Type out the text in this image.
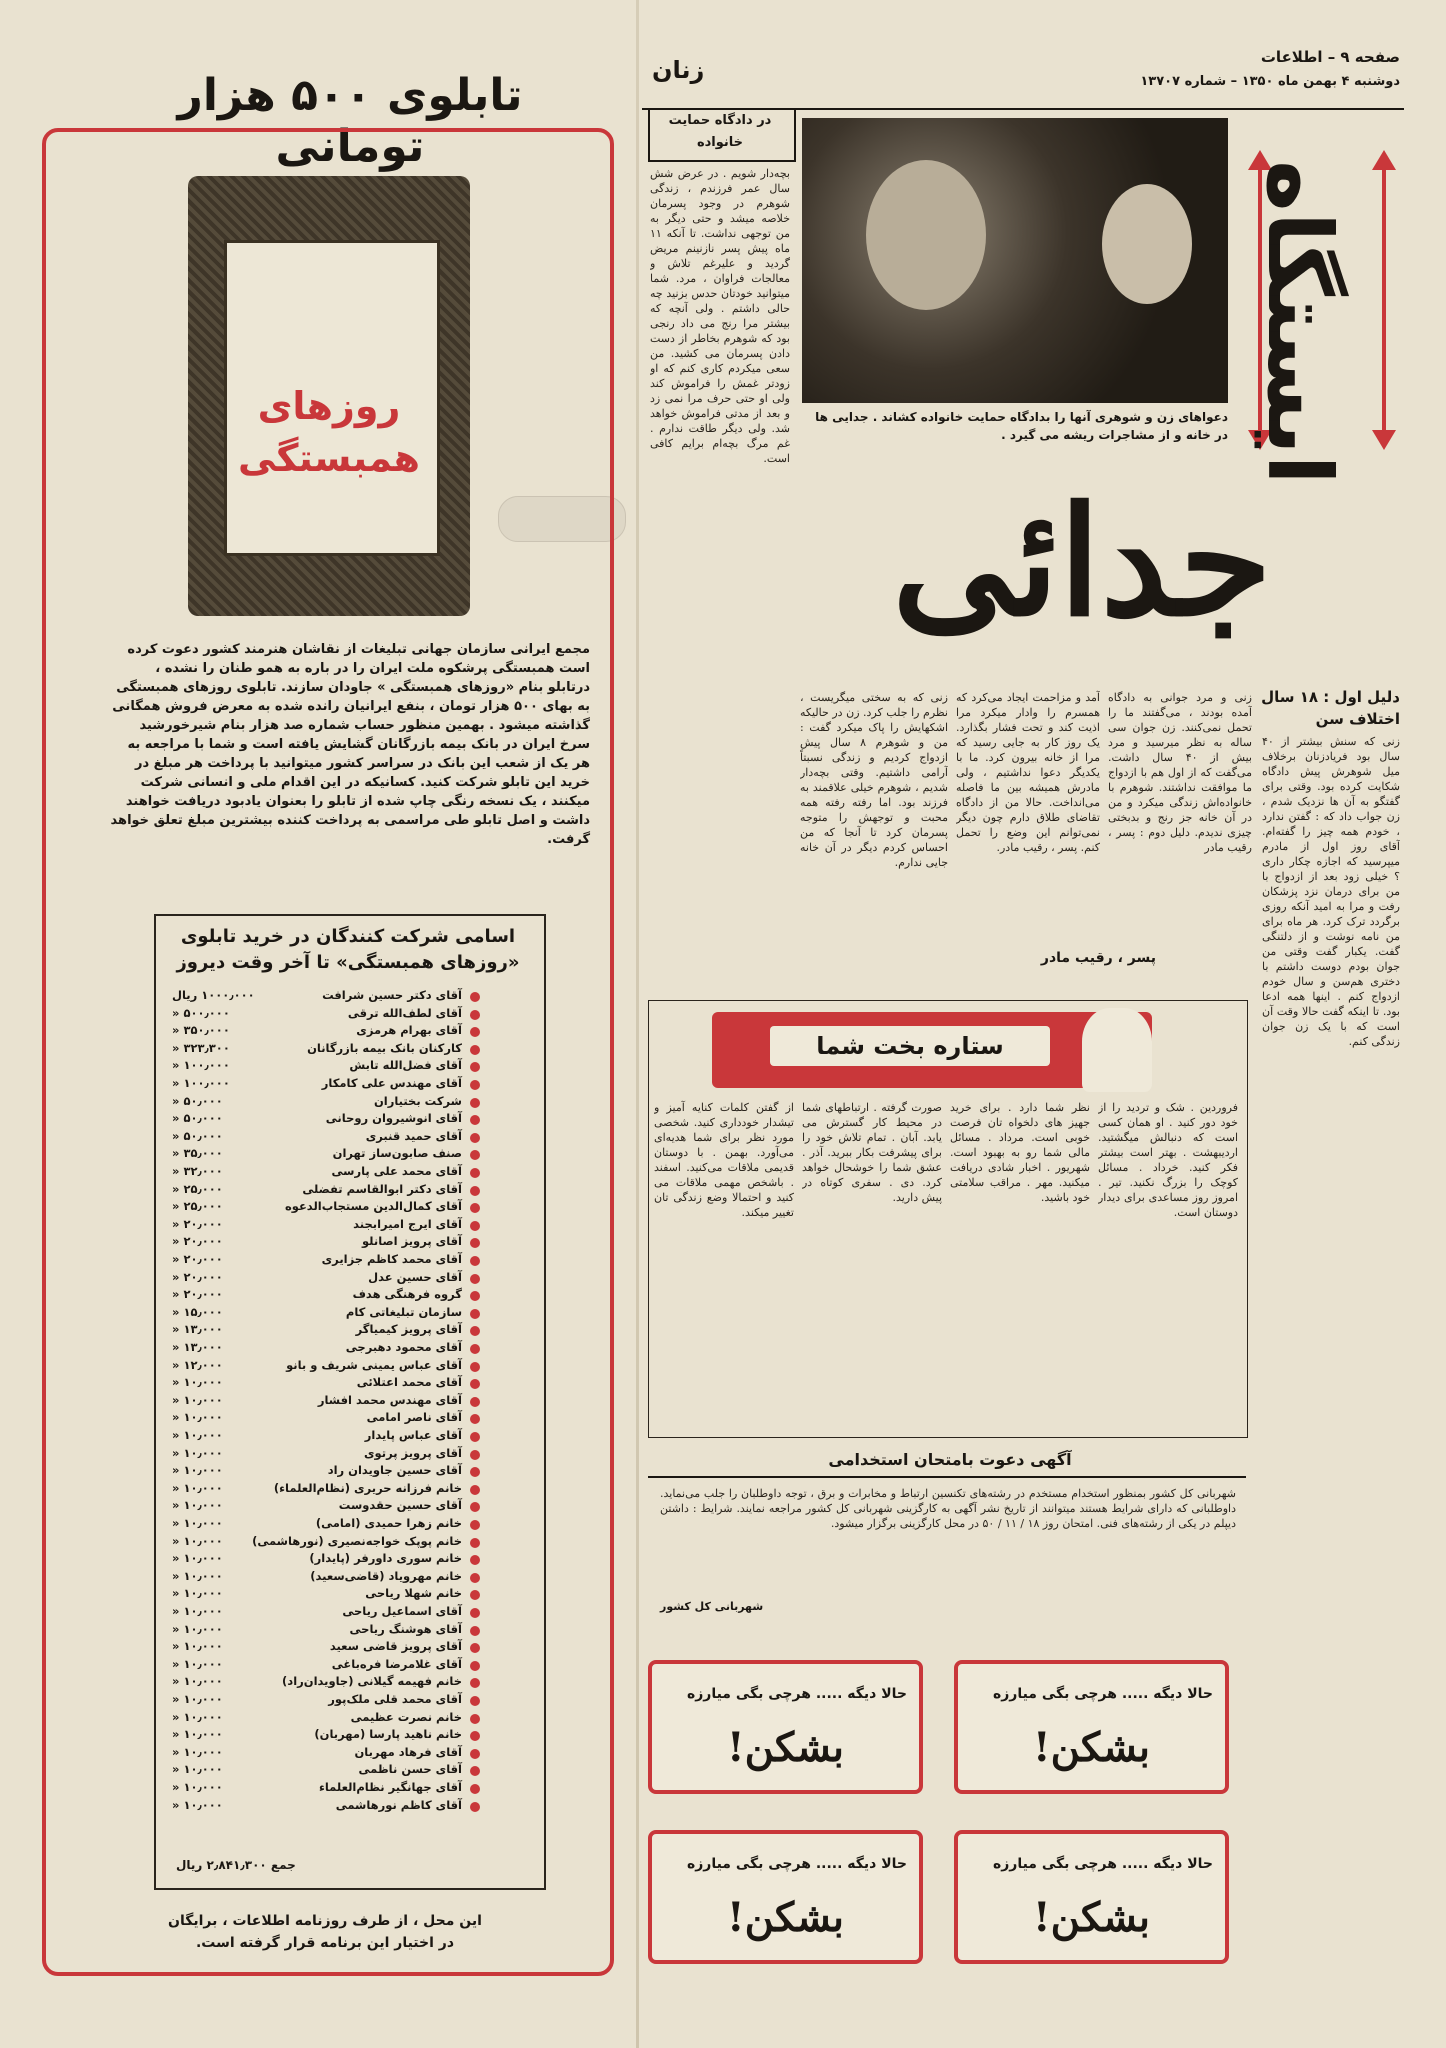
صفحه ۹ – اطلاعات
دوشنبه ۴ بهمن ماه ۱۳۵۰ – شماره ۱۳۷۰۷
زنان
تابلوی ۵۰۰ هزار تومانی
روزهای همبستگی
مجمع ایرانی سازمان جهانی تبلیغات از نقاشان هنرمند کشور دعوت کرده است همبستگی پرشکوه ملت ایران را در باره به همو طنان را نشده ، درتابلو بنام «روزهای همبستگی » جاودان سازند. تابلوی روزهای همبستگی به بهای ۵۰۰ هزار تومان ، بنفع ایرانیان رانده شده به معرض فروش همگانی گذاشته میشود . بهمین منظور حساب شماره صد هزار بنام شیرخورشید سرخ ایران در بانک بیمه بازرگانان گشایش یافته است و شما با مراجعه به هر یک از شعب این بانک در سراسر کشور میتوانید با پرداخت هر مبلغ در خرید این تابلو شرکت کنید. کسانیکه در این اقدام ملی و انسانی شرکت میکنند ، یک نسخه رنگی چاپ شده از تابلو را بعنوان یادبود دریافت خواهند داشت و اصل تابلو طی مراسمی به پرداخت کننده بیشترین مبلغ تعلق خواهد گرفت.
اسامی شرکت کنندگان در خرید تابلوی «روزهای همبستگی» تا آخر وقت دیروز
آقای دکتر حسین شرافت
۱۰۰۰٫۰۰۰ ریال
آقای لطف‌الله ترقی
۵۰۰٫۰۰۰ «
آقای بهرام هرمزی
۳۵۰٫۰۰۰ «
کارکنان بانک بیمه بازرگانان
۳۲۳٫۳۰۰ «
آقای فضل‌الله تابش
۱۰۰٫۰۰۰ «
آقای مهندس علی کامکار
۱۰۰٫۰۰۰ «
شرکت بختیاران
۵۰٫۰۰۰ «
آقای انوشیروان روحانی
۵۰٫۰۰۰ «
آقای حمید قنبری
۵۰٫۰۰۰ «
صنف صابون‌ساز تهران
۳۵٫۰۰۰ «
آقای محمد علی پارسی
۳۲٫۰۰۰ «
آقای دکتر ابوالقاسم تفضلی
۲۵٫۰۰۰ «
آقای کمال‌الدین مستجاب‌الدعوه
۲۵٫۰۰۰ «
آقای ایرج امیرابجند
۲۰٫۰۰۰ «
آقای پرویز اصانلو
۲۰٫۰۰۰ «
آقای محمد کاظم جزایری
۲۰٫۰۰۰ «
آقای حسین عدل
۲۰٫۰۰۰ «
گروه فرهنگی هدف
۲۰٫۰۰۰ «
سازمان تبلیغاتی کام
۱۵٫۰۰۰ «
آقای پرویز کیمیاگر
۱۳٫۰۰۰ «
آقای محمود دهبرجی
۱۳٫۰۰۰ «
آقای عباس یمینی شریف و بانو
۱۲٫۰۰۰ «
آقای محمد اعتلائی
۱۰٫۰۰۰ «
آقای مهندس محمد افشار
۱۰٫۰۰۰ «
آقای ناصر امامی
۱۰٫۰۰۰ «
آقای عباس پایدار
۱۰٫۰۰۰ «
آقای پرویز پرتوی
۱۰٫۰۰۰ «
آقای حسین جاویدان راد
۱۰٫۰۰۰ «
خانم فرزانه حریری (نظام‌العلماء)
۱۰٫۰۰۰ «
آقای حسین حقدوست
۱۰٫۰۰۰ «
خانم زهرا حمیدی (امامی)
۱۰٫۰۰۰ «
خانم پوپک خواجه‌نصیری (نورهاشمی)
۱۰٫۰۰۰ «
خانم سوری داورفر (پایدار)
۱۰٫۰۰۰ «
خانم مهرویاد (قاضی‌سعید)
۱۰٫۰۰۰ «
خانم شهلا ریاحی
۱۰٫۰۰۰ «
آقای اسماعیل ریاحی
۱۰٫۰۰۰ «
آقای هوشنگ ریاحی
۱۰٫۰۰۰ «
آقای پرویز قاضی سعید
۱۰٫۰۰۰ «
آقای غلامرضا فره‌باغی
۱۰٫۰۰۰ «
خانم فهیمه گیلانی (جاویدان‌راد)
۱۰٫۰۰۰ «
آقای محمد قلی ملک‌پور
۱۰٫۰۰۰ «
خانم نصرت عظیمی
۱۰٫۰۰۰ «
خانم ناهید پارسا (مهربان)
۱۰٫۰۰۰ «
آقای فرهاد مهربان
۱۰٫۰۰۰ «
آقای حسن ناظمی
۱۰٫۰۰۰ «
آقای جهانگیر نظام‌العلماء
۱۰٫۰۰۰ «
آقای کاظم نورهاشمی
۱۰٫۰۰۰ «
جمع ۲٫۸۴۱٫۳۰۰ ریال
این محل ، از طرف روزنامه اطلاعات ، برایگان در اختیار این برنامه قرار گرفته است.
در دادگاه حمایت خانواده
دعواهای زن و شوهری آنها را بدادگاه حمایت خانواده کشاند . جدایی ها در خانه و از مشاجرات ریشه می گیرد . ایستگاه
جدائی
بچه‌دار شویم . در عرض شش سال عمر فرزندم ، زندگی شوهرم در وجود پسرمان خلاصه میشد و حتی دیگر به من توجهی نداشت. تا آنکه ۱۱ ماه پیش پسر نازنینم مریض گردید و علیرغم تلاش و معالجات فراوان ، مرد. شما میتوانید خودتان حدس بزنید چه حالی داشتم . ولی آنچه که بیشتر مرا رنج می داد رنجی بود که شوهرم بخاطر از دست دادن پسرمان می کشید. من سعی میکردم کاری کنم که او زودتر غمش را فراموش کند ولی او حتی حرف مرا نمی زد و بعد از مدتی فراموش خواهد شد. ولی دیگر طاقت ندارم . غم مرگ بچه‌ام برایم کافی است.
دلیل اول : ۱۸ سال اختلاف سن
زنی که سنش بیشتر از ۴۰ سال بود فریادزنان برخلاف میل شوهرش پیش دادگاه شکایت کرده بود. وقتی برای گفتگو به آن ها نزدیک شدم ، زن جواب داد که : گفتن ندارد ، خودم همه چیز را گفته‌ام. آقای روز اول از مادرم میپرسید که اجازه چکار داری ؟ خیلی زود بعد از ازدواج با من برای درمان نزد پزشکان رفت و مرا به امید آنکه روزی برگردد ترک کرد. هر ماه برای من نامه نوشت و از دلتنگی گفت. یکبار گفت وقتی من جوان بودم دوست داشتم با دختری هم‌سن و سال خودم ازدواج کنم . اینها همه ادعا بود. تا اینکه گفت حالا وقت آن است که با یک زن جوان زندگی کنم.
زنی و مرد جوانی به دادگاه آمده بودند ، می‌گفتند ما را تحمل نمی‌کنند. زن جوان سی ساله به نظر میرسید و مرد بیش از ۴۰ سال داشت. می‌گفت که از اول هم با ازدواج ما موافقت نداشتند. شوهرم با خانواده‌اش زندگی میکرد و من در آن خانه جز رنج و بدبختی چیزی ندیدم. دلیل دوم : پسر ، رقیب مادر
پسر ، رقیب مادر
آمد و مزاحمت ایجاد می‌کرد که همسرم را وادار میکرد مرا اذیت کند و تحت فشار بگذارد. یک روز کار به جایی رسید که مرا از خانه بیرون کرد. ما با یکدیگر دعوا نداشتیم ، ولی مادرش همیشه بین ما فاصله می‌انداخت. حالا من از دادگاه تقاضای طلاق دارم چون دیگر نمی‌توانم این وضع را تحمل کنم. پسر ، رقیب مادر.
زنی که به سختی میگریست ، نظرم را جلب کرد. زن در حالیکه اشکهایش را پاک میکرد گفت : من و شوهرم ۸ سال پیش ازدواج کردیم و زندگی نسبتاً آرامی داشتیم. وقتی بچه‌دار شدیم ، شوهرم خیلی علاقمند به فرزند بود. اما رفته رفته همه محبت و توجهش را متوجه پسرمان کرد تا آنجا که من احساس کردم دیگر در آن خانه جایی ندارم.
ستاره بخت شما
فروردین . شک و تردید را از خود دور کنید . او همان کسی است که دنبالش میگشتید. اردیبهشت . بهتر است بیشتر فکر کنید. خرداد . مسائل کوچک را بزرگ نکنید. تیر . امروز روز مساعدی برای دیدار دوستان است.
نظر شما دارد . برای خرید جهیز های دلخواه تان فرصت خوبی است. مرداد . مسائل مالی شما رو به بهبود است. شهریور . اخبار شادی دریافت میکنید. مهر . مراقب سلامتی خود باشید.
صورت گرفته . ارتباطهای شما در محیط کار گسترش می یابد. آبان . تمام تلاش خود را برای پیشرفت بکار ببرید. آذر . عشق شما را خوشحال خواهد کرد. دی . سفری کوتاه در پیش دارید.
از گفتن کلمات کنایه آمیز و تیشدار خودداری کنید. شخصی مورد نظر برای شما هدیه‌ای می‌آورد. بهمن . با دوستان قدیمی ملاقات می‌کنید. اسفند . باشخص مهمی ملاقات می کنید و احتمالا وضع زندگی تان تغییر میکند.
آگهی دعوت بامتحان استخدامی
شهربانی کل کشور بمنظور استخدام مستخدم در رشته‌های تکنسین ارتباط و مخابرات و برق ، توجه داوطلبان را جلب می‌نماید. داوطلبانی که دارای شرایط هستند میتوانند از تاریخ نشر آگهی به کارگزینی شهربانی کل کشور مراجعه نمایند. شرایط : داشتن دیپلم در یکی از رشته‌های فنی. امتحان روز ۱۸ / ۱۱ / ۵۰ در محل کارگزینی برگزار میشود.
شهربانی کل کشور
حالا دیگه ..... هرچی بگی میارزه
بشکن!
حالا دیگه ..... هرچی بگی میارزه
بشکن!
حالا دیگه ..... هرچی بگی میارزه
بشکن!
حالا دیگه ..... هرچی بگی میارزه
بشکن!
